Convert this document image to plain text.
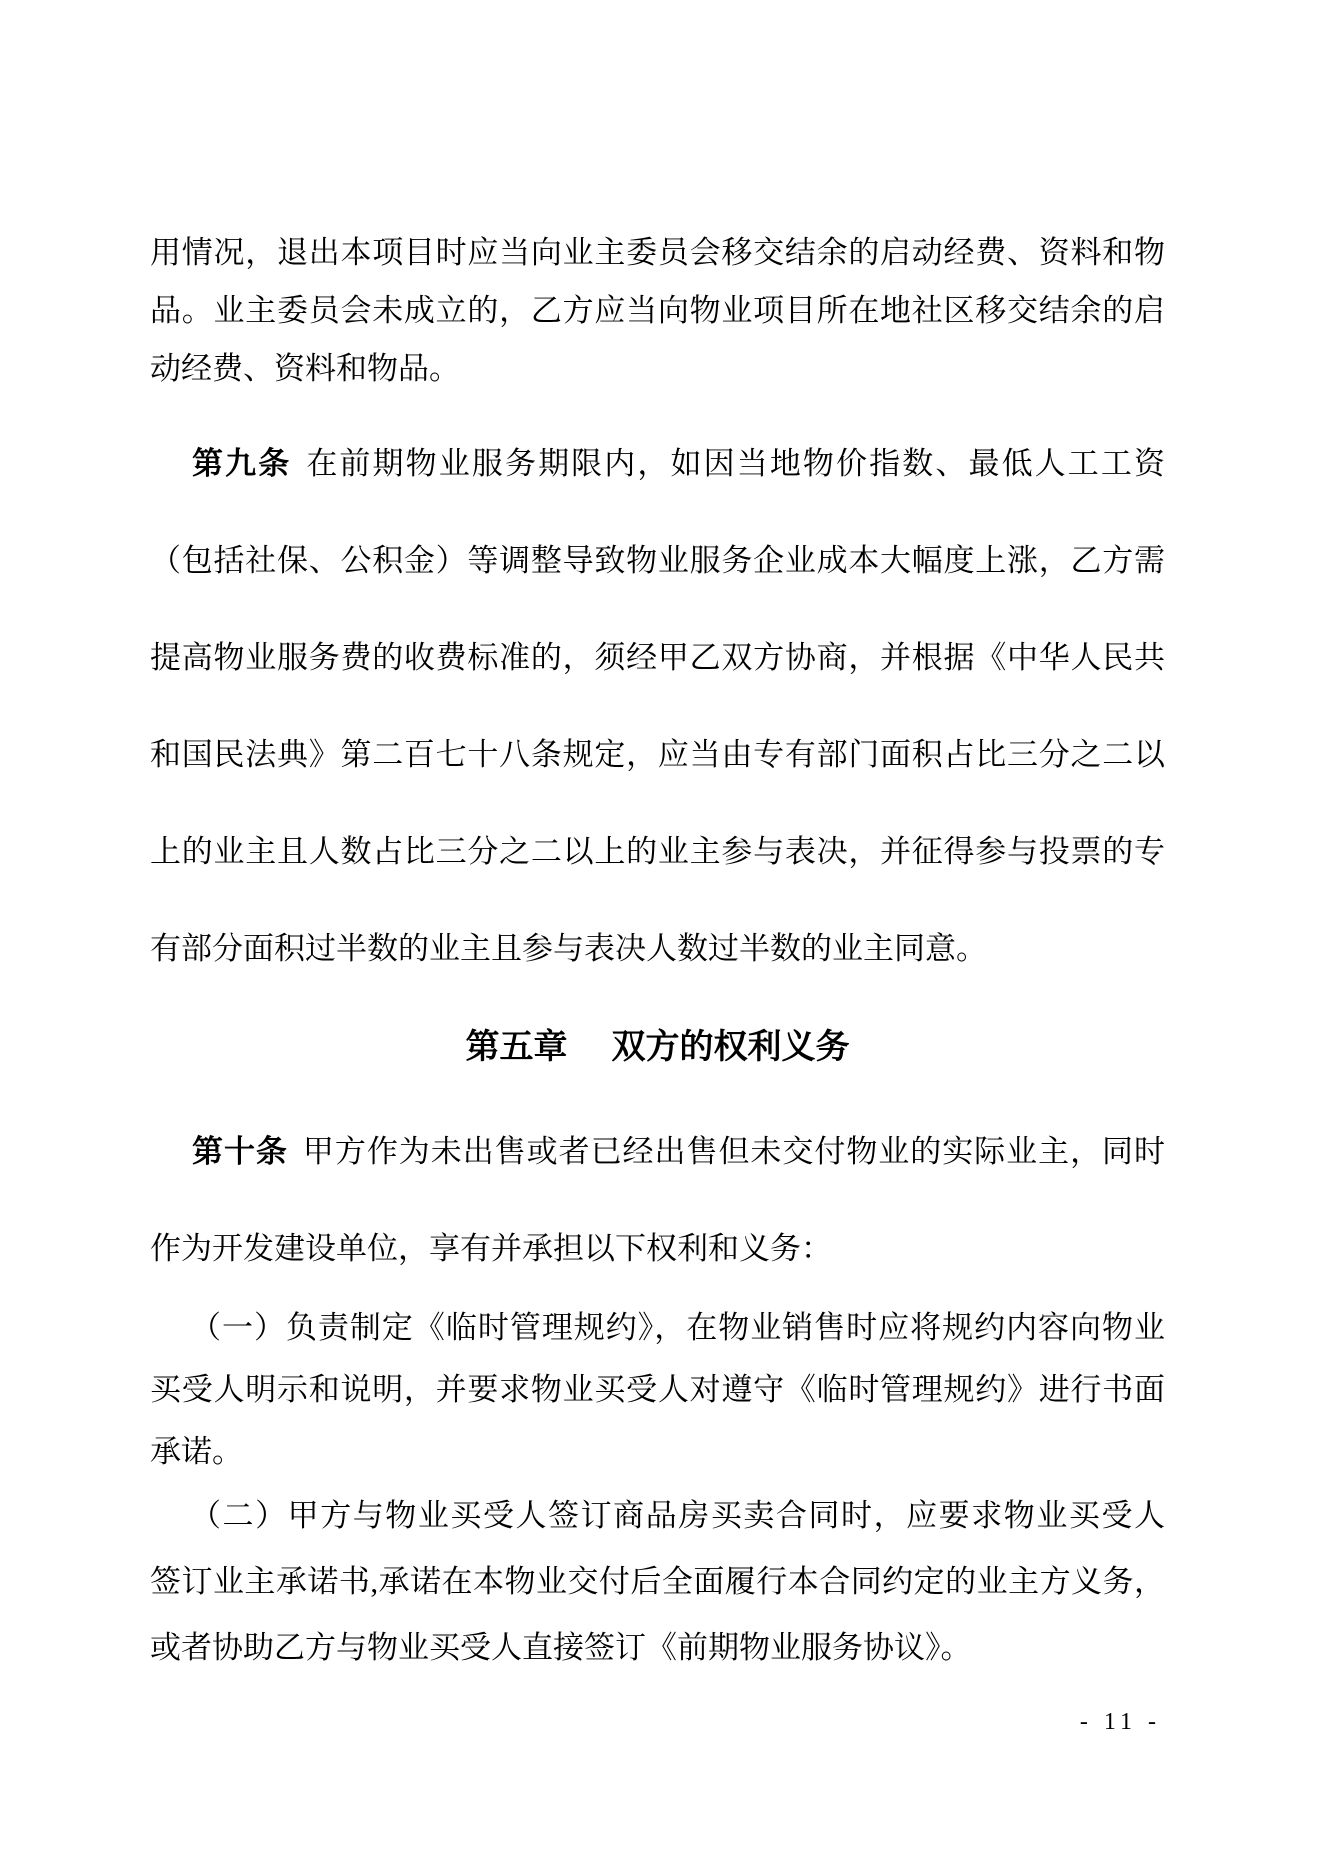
用情况，退出本项目时应当向业主委员会移交结余的启动经费、资料和物
品。业主委员会未成立的，乙方应当向物业项目所在地社区移交结余的启
动经费、资料和物品。

第九条 在前期物业服务期限内，如因当地物价指数、最低人工工资
（包括社保、公积金）等调整导致物业服务企业成本大幅度上涨，乙方需
提高物业服务费的收费标准的，须经甲乙双方协商，并根据《中华人民共
和国民法典》第二百七十八条规定，应当由专有部门面积占比三分之二以
上的业主且人数占比三分之二以上的业主参与表决，并征得参与投票的专
有部分面积过半数的业主且参与表决人数过半数的业主同意。

第五章 双方的权利义务

第十条 甲方作为未出售或者已经出售但未交付物业的实际业主，同时
作为开发建设单位，享有并承担以下权利和义务：

（一）负责制定《临时管理规约》，在物业销售时应将规约内容向物业
买受人明示和说明，并要求物业买受人对遵守《临时管理规约》进行书面
承诺。

（二）甲方与物业买受人签订商品房买卖合同时，应要求物业买受人
签订业主承诺书,承诺在本物业交付后全面履行本合同约定的业主方义务，
或者协助乙方与物业买受人直接签订《前期物业服务协议》。

- 11 -
